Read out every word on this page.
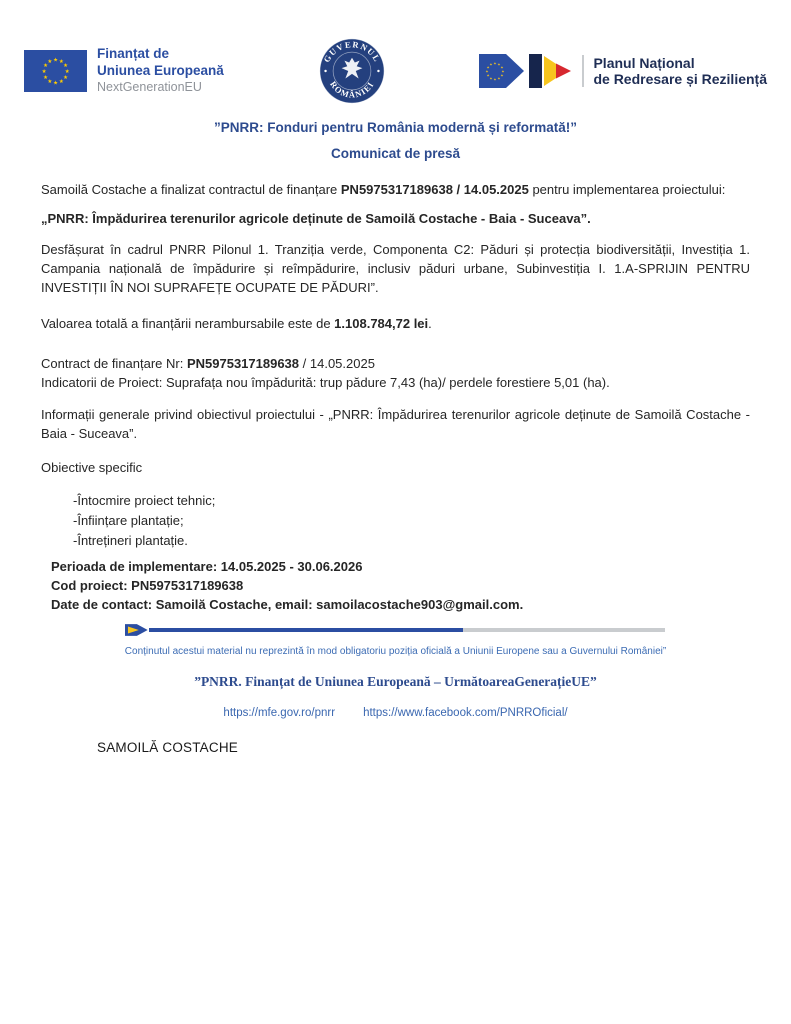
★ ★
★
★
★
★
★
★
★
★
★
★
Finanțat de
Uniunea Europeană
NextGenerationEU
GUVERNUL
ROMÂNIEI
★ ★
★
★
★
★
★
★
★
★
★
★	Planul Național
de Redresare și Reziliență
”PNRR: Fonduri pentru România modernă și reformată!”
Comunicat de presă

Samoilă Costache a finalizat contractul de finanțare PN5975317189638 / 14.05.2025 pentru implementarea proiectului:

„PNRR: Împădurirea terenurilor agricole deținute de Samoilă Costache - Baia - Suceava”.

Desfășurat în cadrul PNRR Pilonul 1. Tranziția verde, Componenta C2: Păduri și protecția biodiversității, Investiția 1. Campania națională de împădurire și reîmpădurire, inclusiv păduri urbane, Subinvestiția I. 1.A-SPRIJIN PENTRU INVESTIȚII ÎN NOI SUPRAFEȚE OCUPATE DE PĂDURI”.

Valoarea totală a finanțării nerambursabile este de 1.108.784,72 lei.

Contract de finanțare Nr: PN5975317189638 / 14.05.2025
Indicatorii de Proiect: Suprafața nou împădurită: trup pădure 7,43 (ha)/ perdele forestiere 5,01 (ha).

Informații generale privind obiectivul proiectului - „PNRR: Împădurirea terenurilor agricole deținute de Samoilă Costache - Baia - Suceava”.

Obiective specific

-Întocmire proiect tehnic;
-Înființare plantație;
-Întrețineri plantație.

Perioada de implementare: 14.05.2025 - 30.06.2026
Cod proiect: PN5975317189638
Date de contact: Samoilă Costache, email: samoilacostache903@gmail.com.

Conținutul acestui material nu reprezintă în mod obligatoriu poziția oficială a Uniunii Europene sau a Guvernului României”
”PNRR. Finanțat de Uniunea Europeană – UrmătoareaGenerațieUE”
https://mfe.gov.ro/pnrr https://www.facebook.com/PNRROficial/
SAMOILĂ COSTACHE
